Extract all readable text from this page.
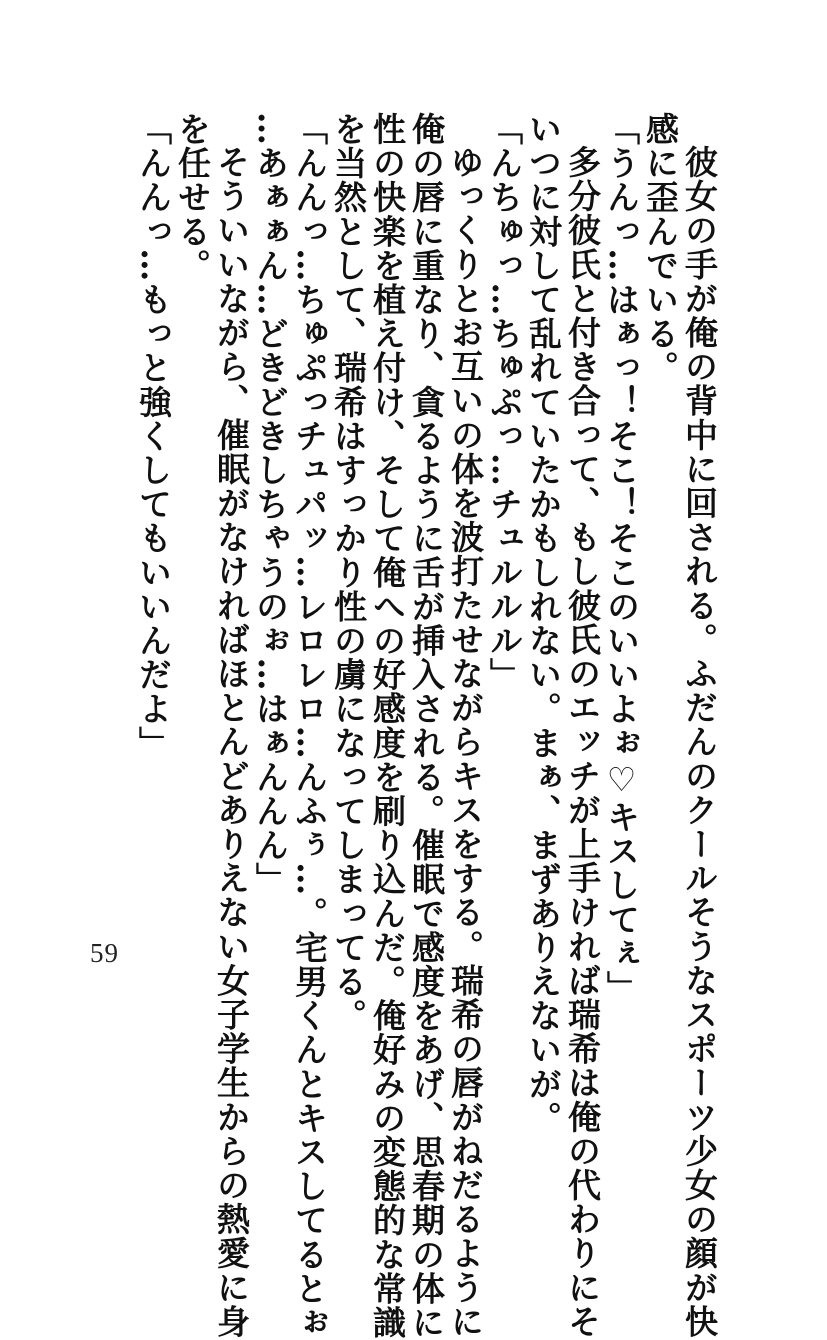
彼女の手が俺の背中に回される。ふだんのクールそうなスポーツ少女の顔が快

感に歪んでいる。

「うんっ…はぁっ！そこ！そこのいいよぉ♡キスしてぇ」

多分彼氏と付き合って、もし彼氏のエッチが上手ければ瑞希は俺の代わりにそ

いつに対して乱れていたかもしれない。まぁ、まずありえないが。

「んちゅっ…ちゅぷっ…チュルルル」

ゆっくりとお互いの体を波打たせながらキスをする。瑞希の唇がねだるように

俺の唇に重なり、貪るように舌が挿入される。催眠で感度をあげ、思春期の体に

性の快楽を植え付け、そして俺への好感度を刷り込んだ。俺好みの変態的な常識

を当然として、瑞希はすっかり性の虜になってしまってる。

「んんっ…ちゅぷっチュパッ…レロレロ…んふぅ…。宅男くんとキスしてるとぉ

…あぁぁん…どきどきしちゃうのぉ…はぁんんん」

そういいながら、催眠がなければほとんどありえない女子学生からの熱愛に身

を任せる。

「んんっ…もっと強くしてもいいんだよ」

59
